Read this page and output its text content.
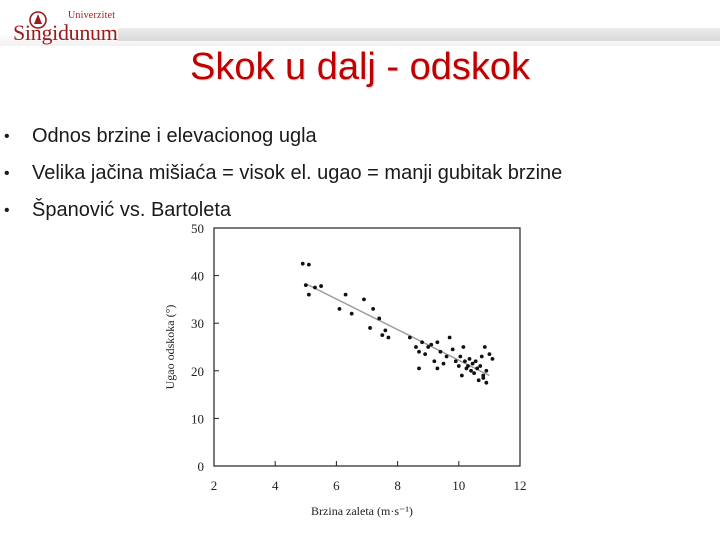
Univerzitet
Singidunum
Skok u dalj - odskok
• Odnos brzine i elevacionog ugla
• Velika jačina mišiaća = visok el. ugao = manji gubitak brzine
• Španović vs. Bartoleta
2	4	6	8	10	12
0
10
20
30
40
50
Brzina zaleta (m·s⁻¹)
Ugao odskoka (°)
